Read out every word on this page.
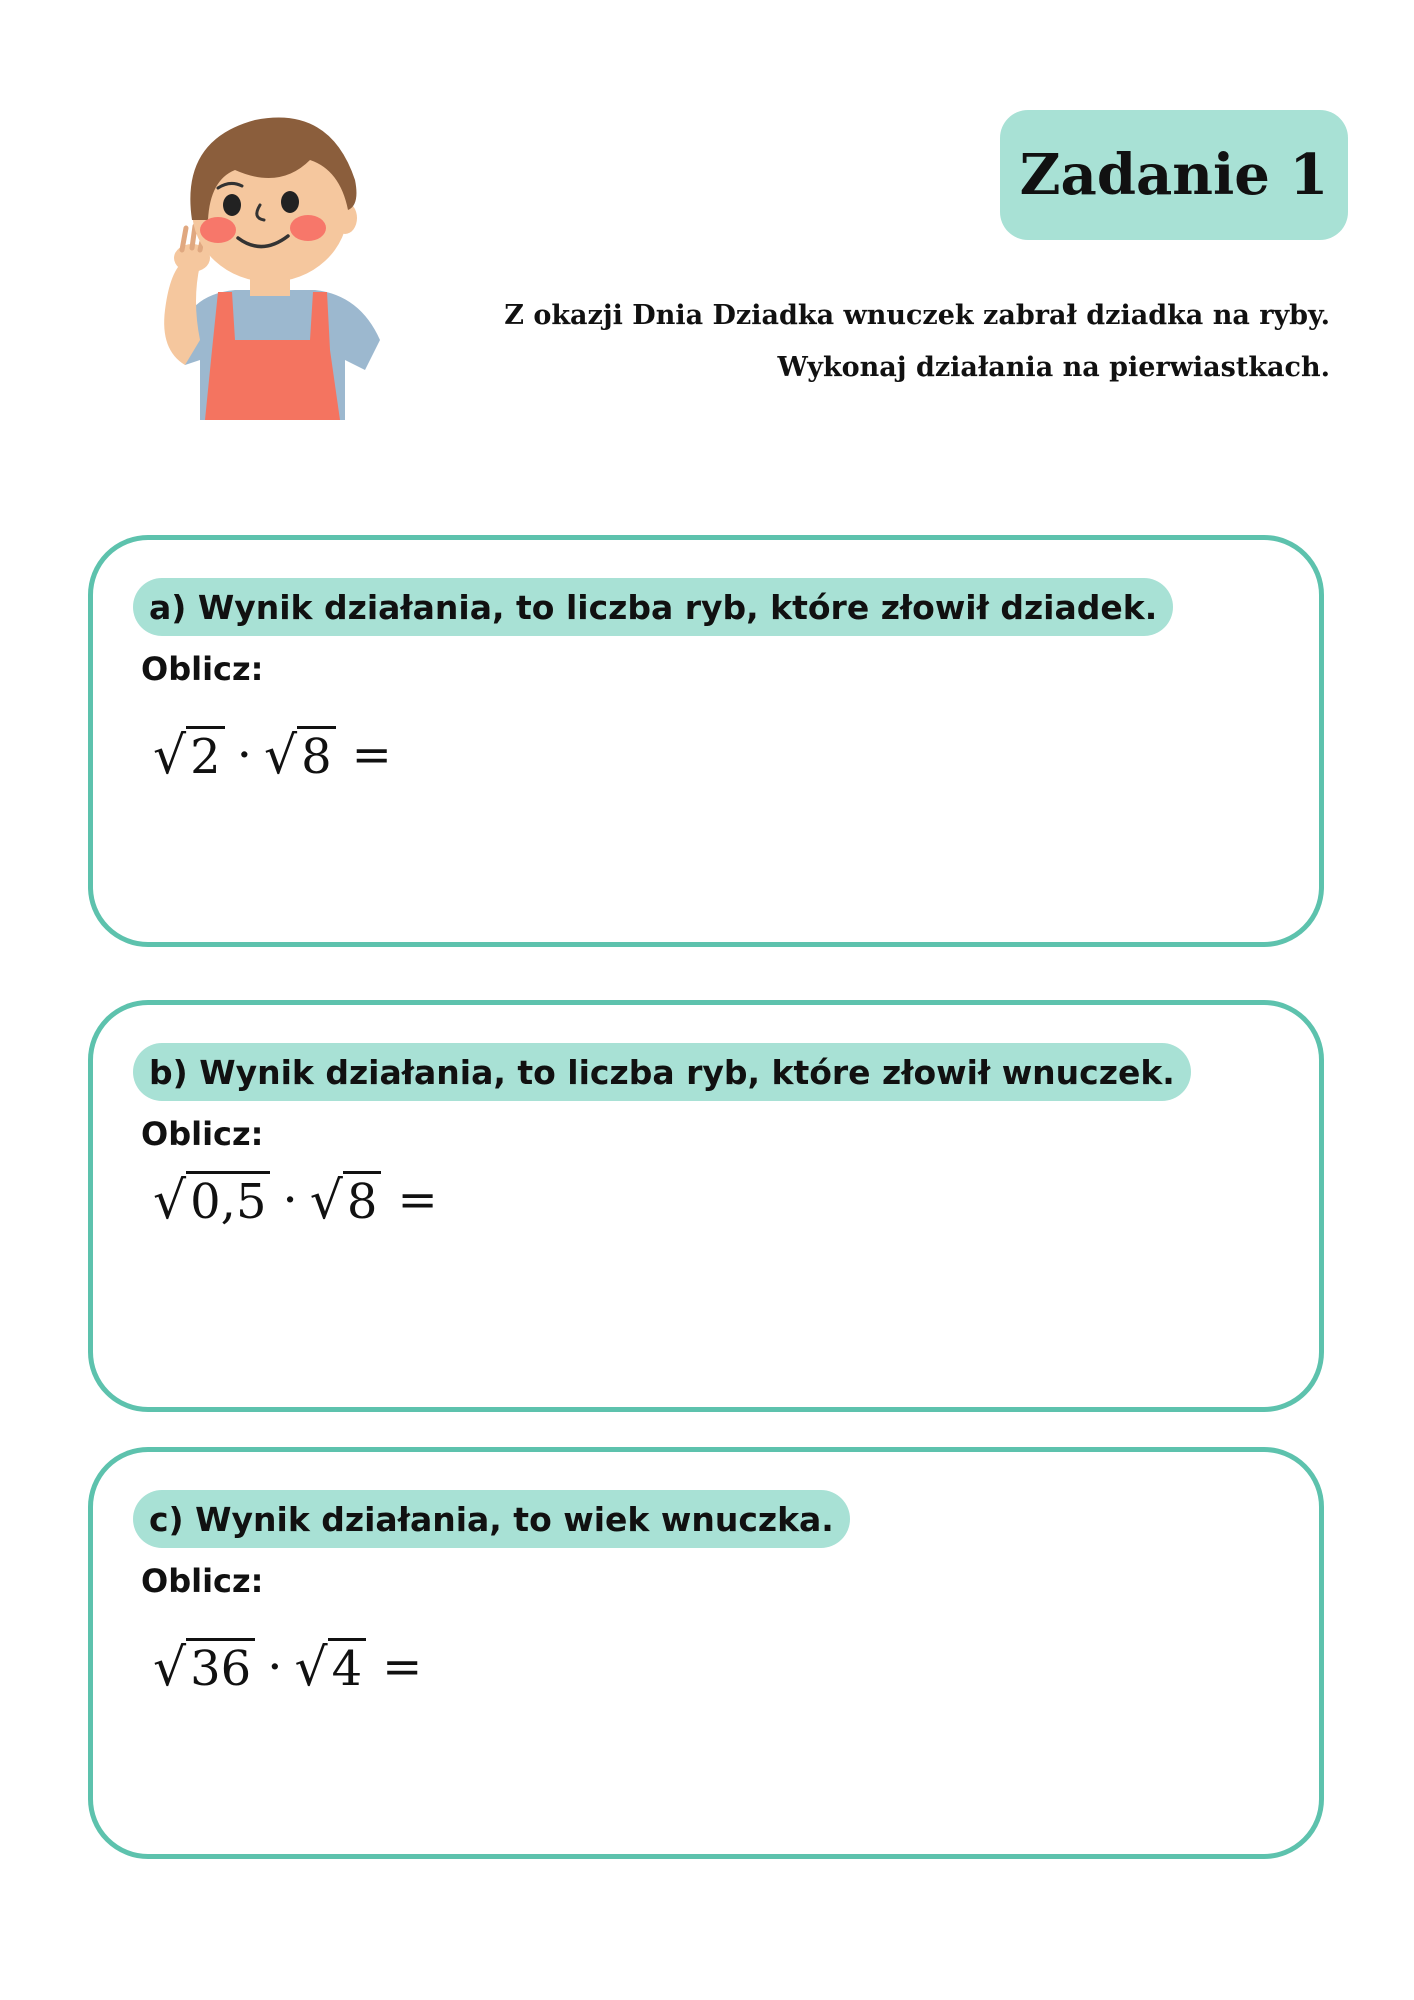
Zadanie 1
Z okazji Dnia Dziadka wnuczek zabrał dziadka na ryby.
Wykonaj działania na pierwiastkach.
a) Wynik działania, to liczba ryb, które złowił dziadek.
Oblicz:
√ 2 · √ 8 =
b) Wynik działania, to liczba ryb, które złowił wnuczek.
Oblicz:
√ 0,5 · √ 8 =
c) Wynik działania, to wiek wnuczka.
Oblicz:
√ 36 · √ 4 =
